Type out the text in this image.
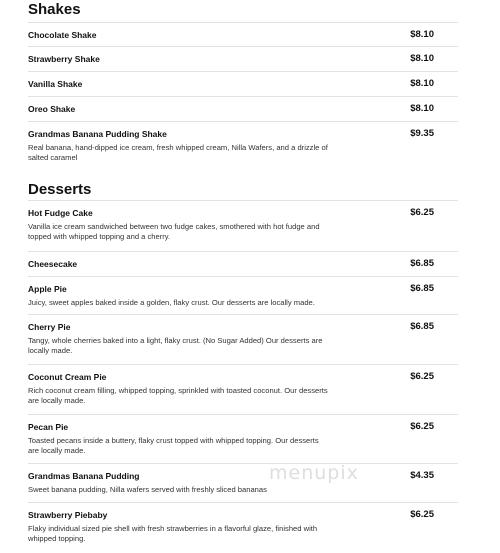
Shakes
Chocolate Shake	$8.10
Strawberry Shake	$8.10
Vanilla Shake	$8.10
Oreo Shake	$8.10
Grandmas Banana Pudding Shake	$9.35
Real banana, hand-dipped ice cream, fresh whipped cream, Nilla Wafers, and a drizzle of salted caramel
Desserts
Hot Fudge Cake	$6.25
Vanilla ice cream sandwiched between two fudge cakes, smothered with hot fudge and topped with whipped topping and a cherry.
Cheesecake	$6.85
Apple Pie	$6.85
Juicy, sweet apples baked inside a golden, flaky crust. Our desserts are locally made.
Cherry Pie	$6.85
Tangy, whole cherries baked into a light, flaky crust. (No Sugar Added) Our desserts are locally made.
Coconut Cream Pie	$6.25
Rich coconut cream filling, whipped topping, sprinkled with toasted coconut. Our desserts are locally made.
Pecan Pie	$6.25
Toasted pecans inside a buttery, flaky crust topped with whipped topping. Our desserts are locally made.
Grandmas Banana Pudding	$4.35
Sweet banana pudding, Nilla wafers served with freshly sliced bananas
Strawberry Piebaby	$6.25
Flaky individual sized pie shell with fresh strawberries in a flavorful glaze, finished with whipped topping.
menupix
